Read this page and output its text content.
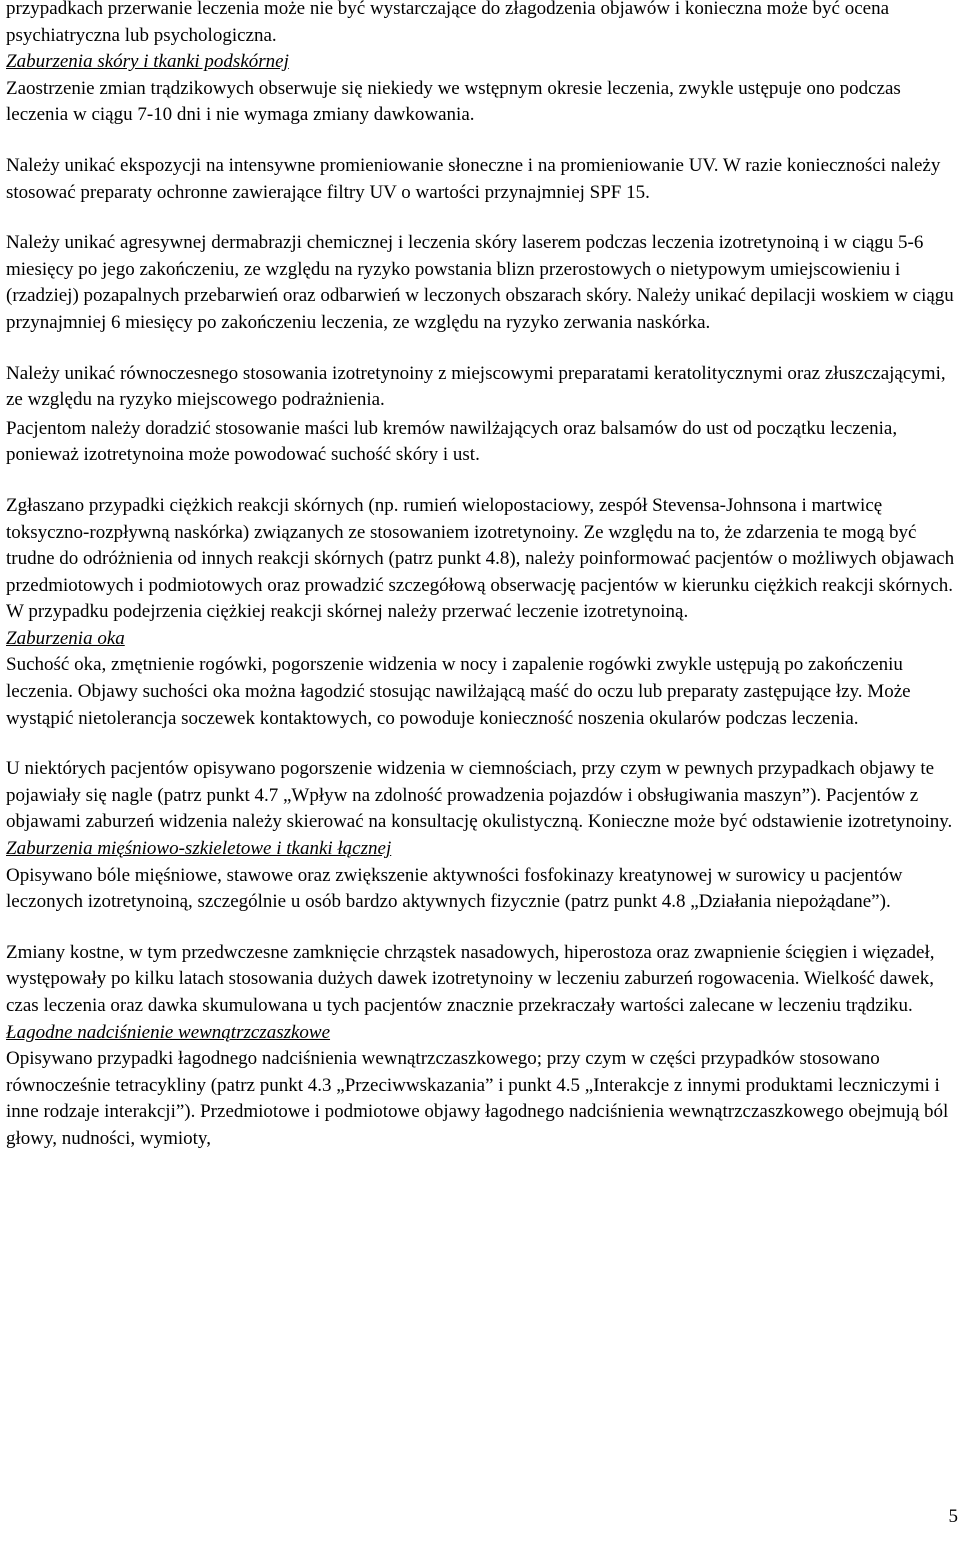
przypadkach przerwanie leczenia może nie być wystarczające do złagodzenia objawów i konieczna może być ocena psychiatryczna lub psychologiczna.

Zaburzenia skóry i tkanki podskórnej

Zaostrzenie zmian trądzikowych obserwuje się niekiedy we wstępnym okresie leczenia, zwykle ustępuje ono podczas leczenia w ciągu 7-10 dni i nie wymaga zmiany dawkowania.

Należy unikać ekspozycji na intensywne promieniowanie słoneczne i na promieniowanie UV. W razie konieczności należy stosować preparaty ochronne zawierające filtry UV o wartości przynajmniej SPF 15.

Należy unikać agresywnej dermabrazji chemicznej i leczenia skóry laserem podczas leczenia izotretynoiną i w ciągu 5-6 miesięcy po jego zakończeniu, ze względu na ryzyko powstania blizn przerostowych o nietypowym umiejscowieniu i (rzadziej) pozapalnych przebarwień oraz odbarwień w leczonych obszarach skóry. Należy unikać depilacji woskiem w ciągu przynajmniej 6 miesięcy po zakończeniu leczenia, ze względu na ryzyko zerwania naskórka.

Należy unikać równoczesnego stosowania izotretynoiny z miejscowymi preparatami keratolitycznymi oraz złuszczającymi, ze względu na ryzyko miejscowego podrażnienia.

Pacjentom należy doradzić stosowanie maści lub kremów nawilżających oraz balsamów do ust od początku leczenia, ponieważ izotretynoina może powodować suchość skóry i ust.

Zgłaszano przypadki ciężkich reakcji skórnych (np. rumień wielopostaciowy, zespół Stevensa-Johnsona i martwicę toksyczno-rozpływną naskórka) związanych ze stosowaniem izotretynoiny. Ze względu na to, że zdarzenia te mogą być trudne do odróżnienia od innych reakcji skórnych (patrz punkt 4.8), należy poinformować pacjentów o możliwych objawach przedmiotowych i podmiotowych oraz prowadzić szczegółową obserwację pacjentów w kierunku ciężkich reakcji skórnych. W przypadku podejrzenia ciężkiej reakcji skórnej należy przerwać leczenie izotretynoiną.

Zaburzenia oka

Suchość oka, zmętnienie rogówki, pogorszenie widzenia w nocy i zapalenie rogówki zwykle ustępują po zakończeniu leczenia. Objawy suchości oka można łagodzić stosując nawilżającą maść do oczu lub preparaty zastępujące łzy. Może wystąpić nietolerancja soczewek kontaktowych, co powoduje konieczność noszenia okularów podczas leczenia.

U niektórych pacjentów opisywano pogorszenie widzenia w ciemnościach, przy czym w pewnych przypadkach objawy te pojawiały się nagle (patrz punkt 4.7 „Wpływ na zdolność prowadzenia pojazdów i obsługiwania maszyn”). Pacjentów z objawami zaburzeń widzenia należy skierować na konsultację okulistyczną. Konieczne może być odstawienie izotretynoiny.

Zaburzenia mięśniowo-szkieletowe i tkanki łącznej

Opisywano bóle mięśniowe, stawowe oraz zwiększenie aktywności fosfokinazy kreatynowej w surowicy u pacjentów leczonych izotretynoiną, szczególnie u osób bardzo aktywnych fizycznie (patrz punkt 4.8 „Działania niepożądane”).

Zmiany kostne, w tym przedwczesne zamknięcie chrząstek nasadowych, hiperostoza oraz zwapnienie ścięgien i więzadeł, występowały po kilku latach stosowania dużych dawek izotretynoiny w leczeniu zaburzeń rogowacenia. Wielkość dawek, czas leczenia oraz dawka skumulowana u tych pacjentów znacznie przekraczały wartości zalecane w leczeniu trądziku.

Łagodne nadciśnienie wewnątrzczaszkowe

Opisywano przypadki łagodnego nadciśnienia wewnątrzczaszkowego; przy czym w części przypadków stosowano równocześnie tetracykliny (patrz punkt 4.3 „Przeciwwskazania” i punkt 4.5 „Interakcje z innymi produktami leczniczymi i inne rodzaje interakcji”). Przedmiotowe i podmiotowe objawy łagodnego nadciśnienia wewnątrzczaszkowego obejmują ból głowy, nudności, wymioty,

5
